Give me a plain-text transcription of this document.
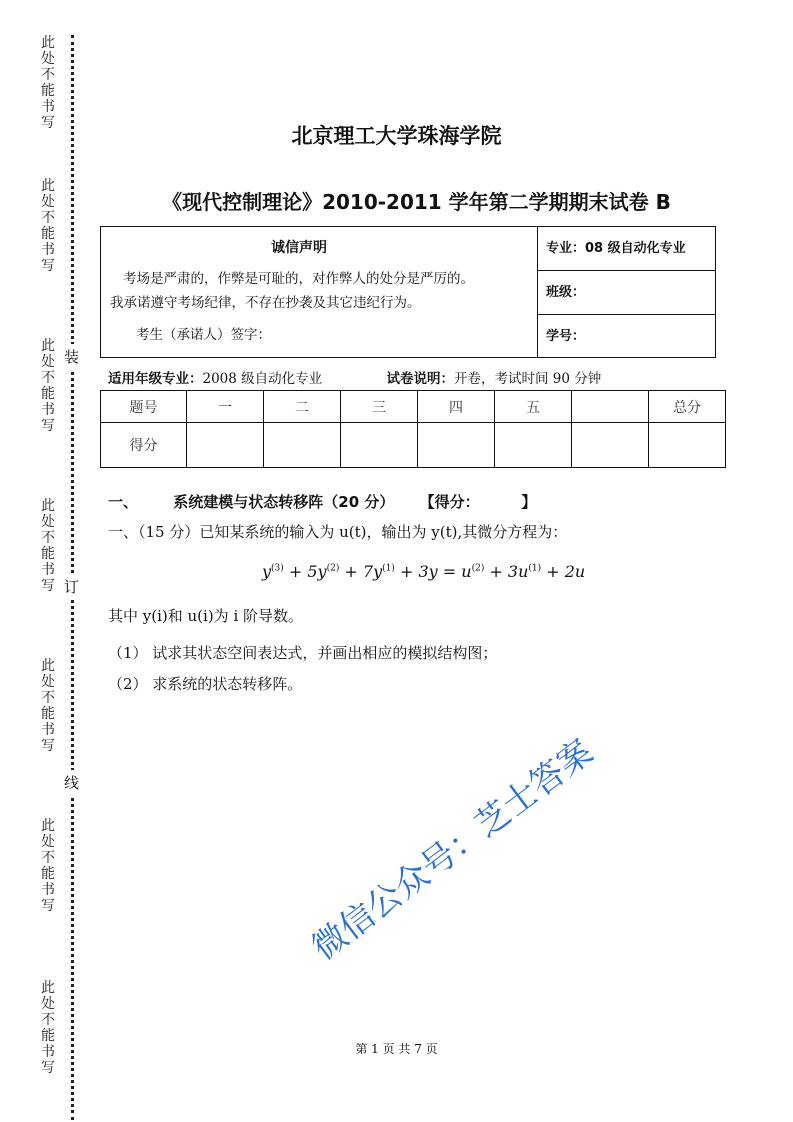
此处不能书写
此处不能书写
此处不能书写
此处不能书写
此处不能书写
此处不能书写
此处不能书写
装
订
线
北京理工大学珠海学院
《现代控制理论》2010-2011 学年第二学期期末试卷 B
诚信声明
考场是严肃的，作弊是可耻的，对作弊人的处分是严厉的。
我承诺遵守考场纪律，不存在抄袭及其它违纪行为。
考生（承诺人）签字：
专业：08 级自动化专业
班级：
学号：
适用年级专业：2008 级自动化专业	试卷说明：开卷，考试时间 90 分钟
题号	一	二	三	四	五		总分
得分							
一、 系统建模与状态转移阵（20 分） 【得分：        】
一、（15 分）已知某系统的输入为 u(t)，输出为 y(t),其微分方程为：
$y^{(3)} + 5y^{(2)} + 7y^{(1)} + 3y = u^{(2)} + 3u^{(1)} + 2u$
其中 y(i)和 u(i)为 i 阶导数。
（1） 试求其状态空间表达式，并画出相应的模拟结构图；
（2） 求系统的状态转移阵。
微信公众号：芝士答案
第 1 页 共 7 页
